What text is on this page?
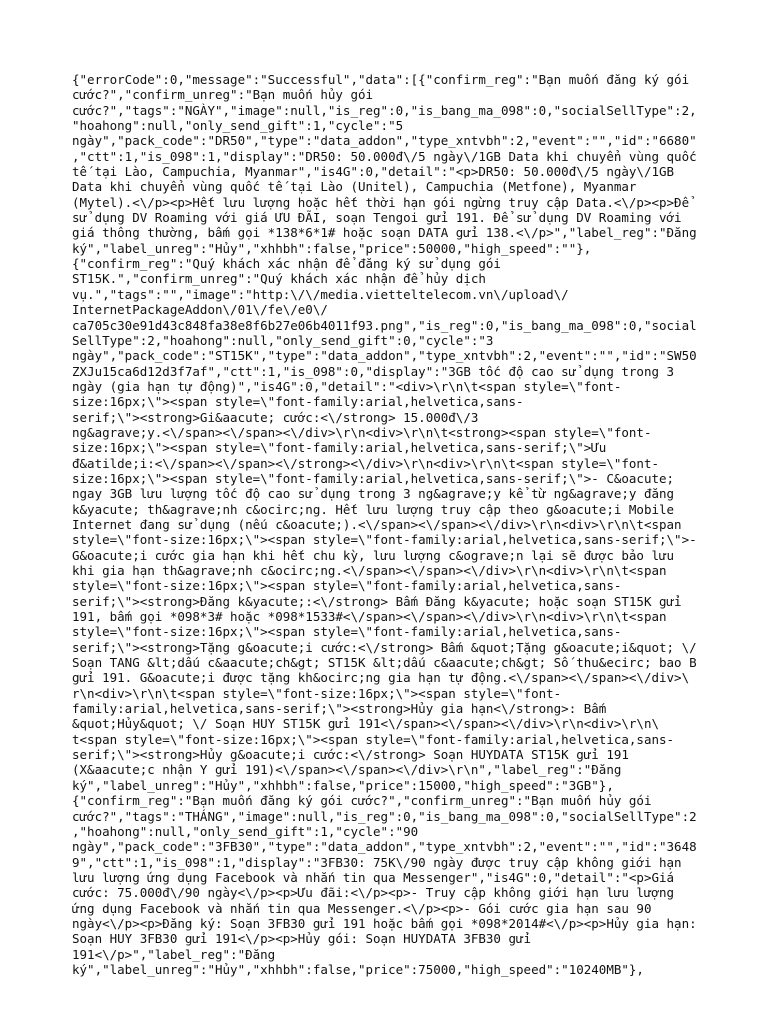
{"errorCode":0,"message":"Successful","data":[{"confirm_reg":"Bạn muốn đăng ký gói
cước?","confirm_unreg":"Bạn muốn hủy gói
cước?","tags":"NGÀY","image":null,"is_reg":0,"is_bang_ma_098":0,"socialSellType":2,
"hoahong":null,"only_send_gift":1,"cycle":"5
ngày","pack_code":"DR50","type":"data_addon","type_xntvbh":2,"event":"","id":"6680"
,"ctt":1,"is_098":1,"display":"DR50: 50.000đ\/5 ngày\/1GB Data khi chuyển vùng quốc
tế tại Lào, Campuchia, Myanmar","is4G":0,"detail":"<p>DR50: 50.000đ\/5 ngày\/1GB
Data khi chuyển vùng quốc tế tại Lào (Unitel), Campuchia (Metfone), Myanmar
(Mytel).<\/p><p>Hết lưu lượng hoặc hết thời hạn gói ngừng truy cập Data.<\/p><p>Để
sử dụng DV Roaming với giá ƯU ĐÃI, soạn Tengoi gửi 191. Để sử dụng DV Roaming với
giá thông thường, bấm gọi *138*6*1# hoặc soạn DATA gửi 138.<\/p>","label_reg":"Đăng
ký","label_unreg":"Hủy","xhhbh":false,"price":50000,"high_speed":""},
{"confirm_reg":"Quý khách xác nhận để đăng ký sử dụng gói
ST15K.","confirm_unreg":"Quý khách xác nhận để hủy dịch
vụ.","tags":"","image":"http:\/\/media.vietteltelecom.vn\/upload\/
InternetPackageAddon\/01\/fe\/e0\/
ca705c30e91d43c848fa38e8f6b27e06b4011f93.png","is_reg":0,"is_bang_ma_098":0,"social
SellType":2,"hoahong":null,"only_send_gift":0,"cycle":"3
ngày","pack_code":"ST15K","type":"data_addon","type_xntvbh":2,"event":"","id":"SW50
ZXJu15ca6d12d3f7af","ctt":1,"is_098":0,"display":"3GB tốc độ cao sử dụng trong 3
ngày (gia hạn tự động)","is4G":0,"detail":"<div>\r\n\t<span style=\"font-
size:16px;\"><span style=\"font-family:arial,helvetica,sans-
serif;\"><strong>Gi&aacute; cước:<\/strong> 15.000đ\/3
ng&agrave;y.<\/span><\/span><\/div>\r\n<div>\r\n\t<strong><span style=\"font-
size:16px;\"><span style=\"font-family:arial,helvetica,sans-serif;\">Ưu
đ&atilde;i:<\/span><\/span><\/strong><\/div>\r\n<div>\r\n\t<span style=\"font-
size:16px;\"><span style=\"font-family:arial,helvetica,sans-serif;\">- C&oacute;
ngay 3GB lưu lượng tốc độ cao sử dụng trong 3 ng&agrave;y kể từ ng&agrave;y đăng
k&yacute; th&agrave;nh c&ocirc;ng. Hết lưu lượng truy cập theo g&oacute;i Mobile
Internet đang sử dụng (nếu c&oacute;).<\/span><\/span><\/div>\r\n<div>\r\n\t<span
style=\"font-size:16px;\"><span style=\"font-family:arial,helvetica,sans-serif;\">-
G&oacute;i cước gia hạn khi hết chu kỳ, lưu lượng c&ograve;n lại sẽ được bảo lưu
khi gia hạn th&agrave;nh c&ocirc;ng.<\/span><\/span><\/div>\r\n<div>\r\n\t<span
style=\"font-size:16px;\"><span style=\"font-family:arial,helvetica,sans-
serif;\"><strong>Đăng k&yacute;:<\/strong> Bấm Đăng k&yacute; hoặc soạn ST15K gửi
191, bấm gọi *098*3# hoặc *098*1533#<\/span><\/span><\/div>\r\n<div>\r\n\t<span
style=\"font-size:16px;\"><span style=\"font-family:arial,helvetica,sans-
serif;\"><strong>Tặng g&oacute;i cước:<\/strong> Bấm &quot;Tặng g&oacute;i&quot; \/
Soạn TANG &lt;dấu c&aacute;ch&gt; ST15K &lt;dấu c&aacute;ch&gt; Số thu&ecirc; bao B
gửi 191. G&oacute;i được tặng kh&ocirc;ng gia hạn tự động.<\/span><\/span><\/div>\
r\n<div>\r\n\t<span style=\"font-size:16px;\"><span style=\"font-
family:arial,helvetica,sans-serif;\"><strong>Hủy gia hạn<\/strong>: Bấm
&quot;Hủy&quot; \/ Soạn HUY ST15K gửi 191<\/span><\/span><\/div>\r\n<div>\r\n\
t<span style=\"font-size:16px;\"><span style=\"font-family:arial,helvetica,sans-
serif;\"><strong>Hủy g&oacute;i cước:<\/strong> Soạn HUYDATA ST15K gửi 191
(X&aacute;c nhận Y gửi 191)<\/span><\/span><\/div>\r\n","label_reg":"Đăng
ký","label_unreg":"Hủy","xhhbh":false,"price":15000,"high_speed":"3GB"},
{"confirm_reg":"Bạn muốn đăng ký gói cước?","confirm_unreg":"Bạn muốn hủy gói
cước?","tags":"THÁNG","image":null,"is_reg":0,"is_bang_ma_098":0,"socialSellType":2
,"hoahong":null,"only_send_gift":1,"cycle":"90
ngày","pack_code":"3FB30","type":"data_addon","type_xntvbh":2,"event":"","id":"3648
9","ctt":1,"is_098":1,"display":"3FB30: 75K\/90 ngày được truy cập không giới hạn
lưu lượng ứng dụng Facebook và nhắn tin qua Messenger","is4G":0,"detail":"<p>Giá
cước: 75.000đ\/90 ngày<\/p><p>Ưu đãi:<\/p><p>- Truy cập không giới hạn lưu lượng
ứng dụng Facebook và nhắn tin qua Messenger.<\/p><p>- Gói cước gia hạn sau 90
ngày<\/p><p>Đăng ký: Soạn 3FB30 gửi 191 hoặc bấm gọi *098*2014#<\/p><p>Hủy gia hạn:
Soạn HUY 3FB30 gửi 191<\/p><p>Hủy gói: Soạn HUYDATA 3FB30 gửi
191<\/p>","label_reg":"Đăng
ký","label_unreg":"Hủy","xhhbh":false,"price":75000,"high_speed":"10240MB"},
